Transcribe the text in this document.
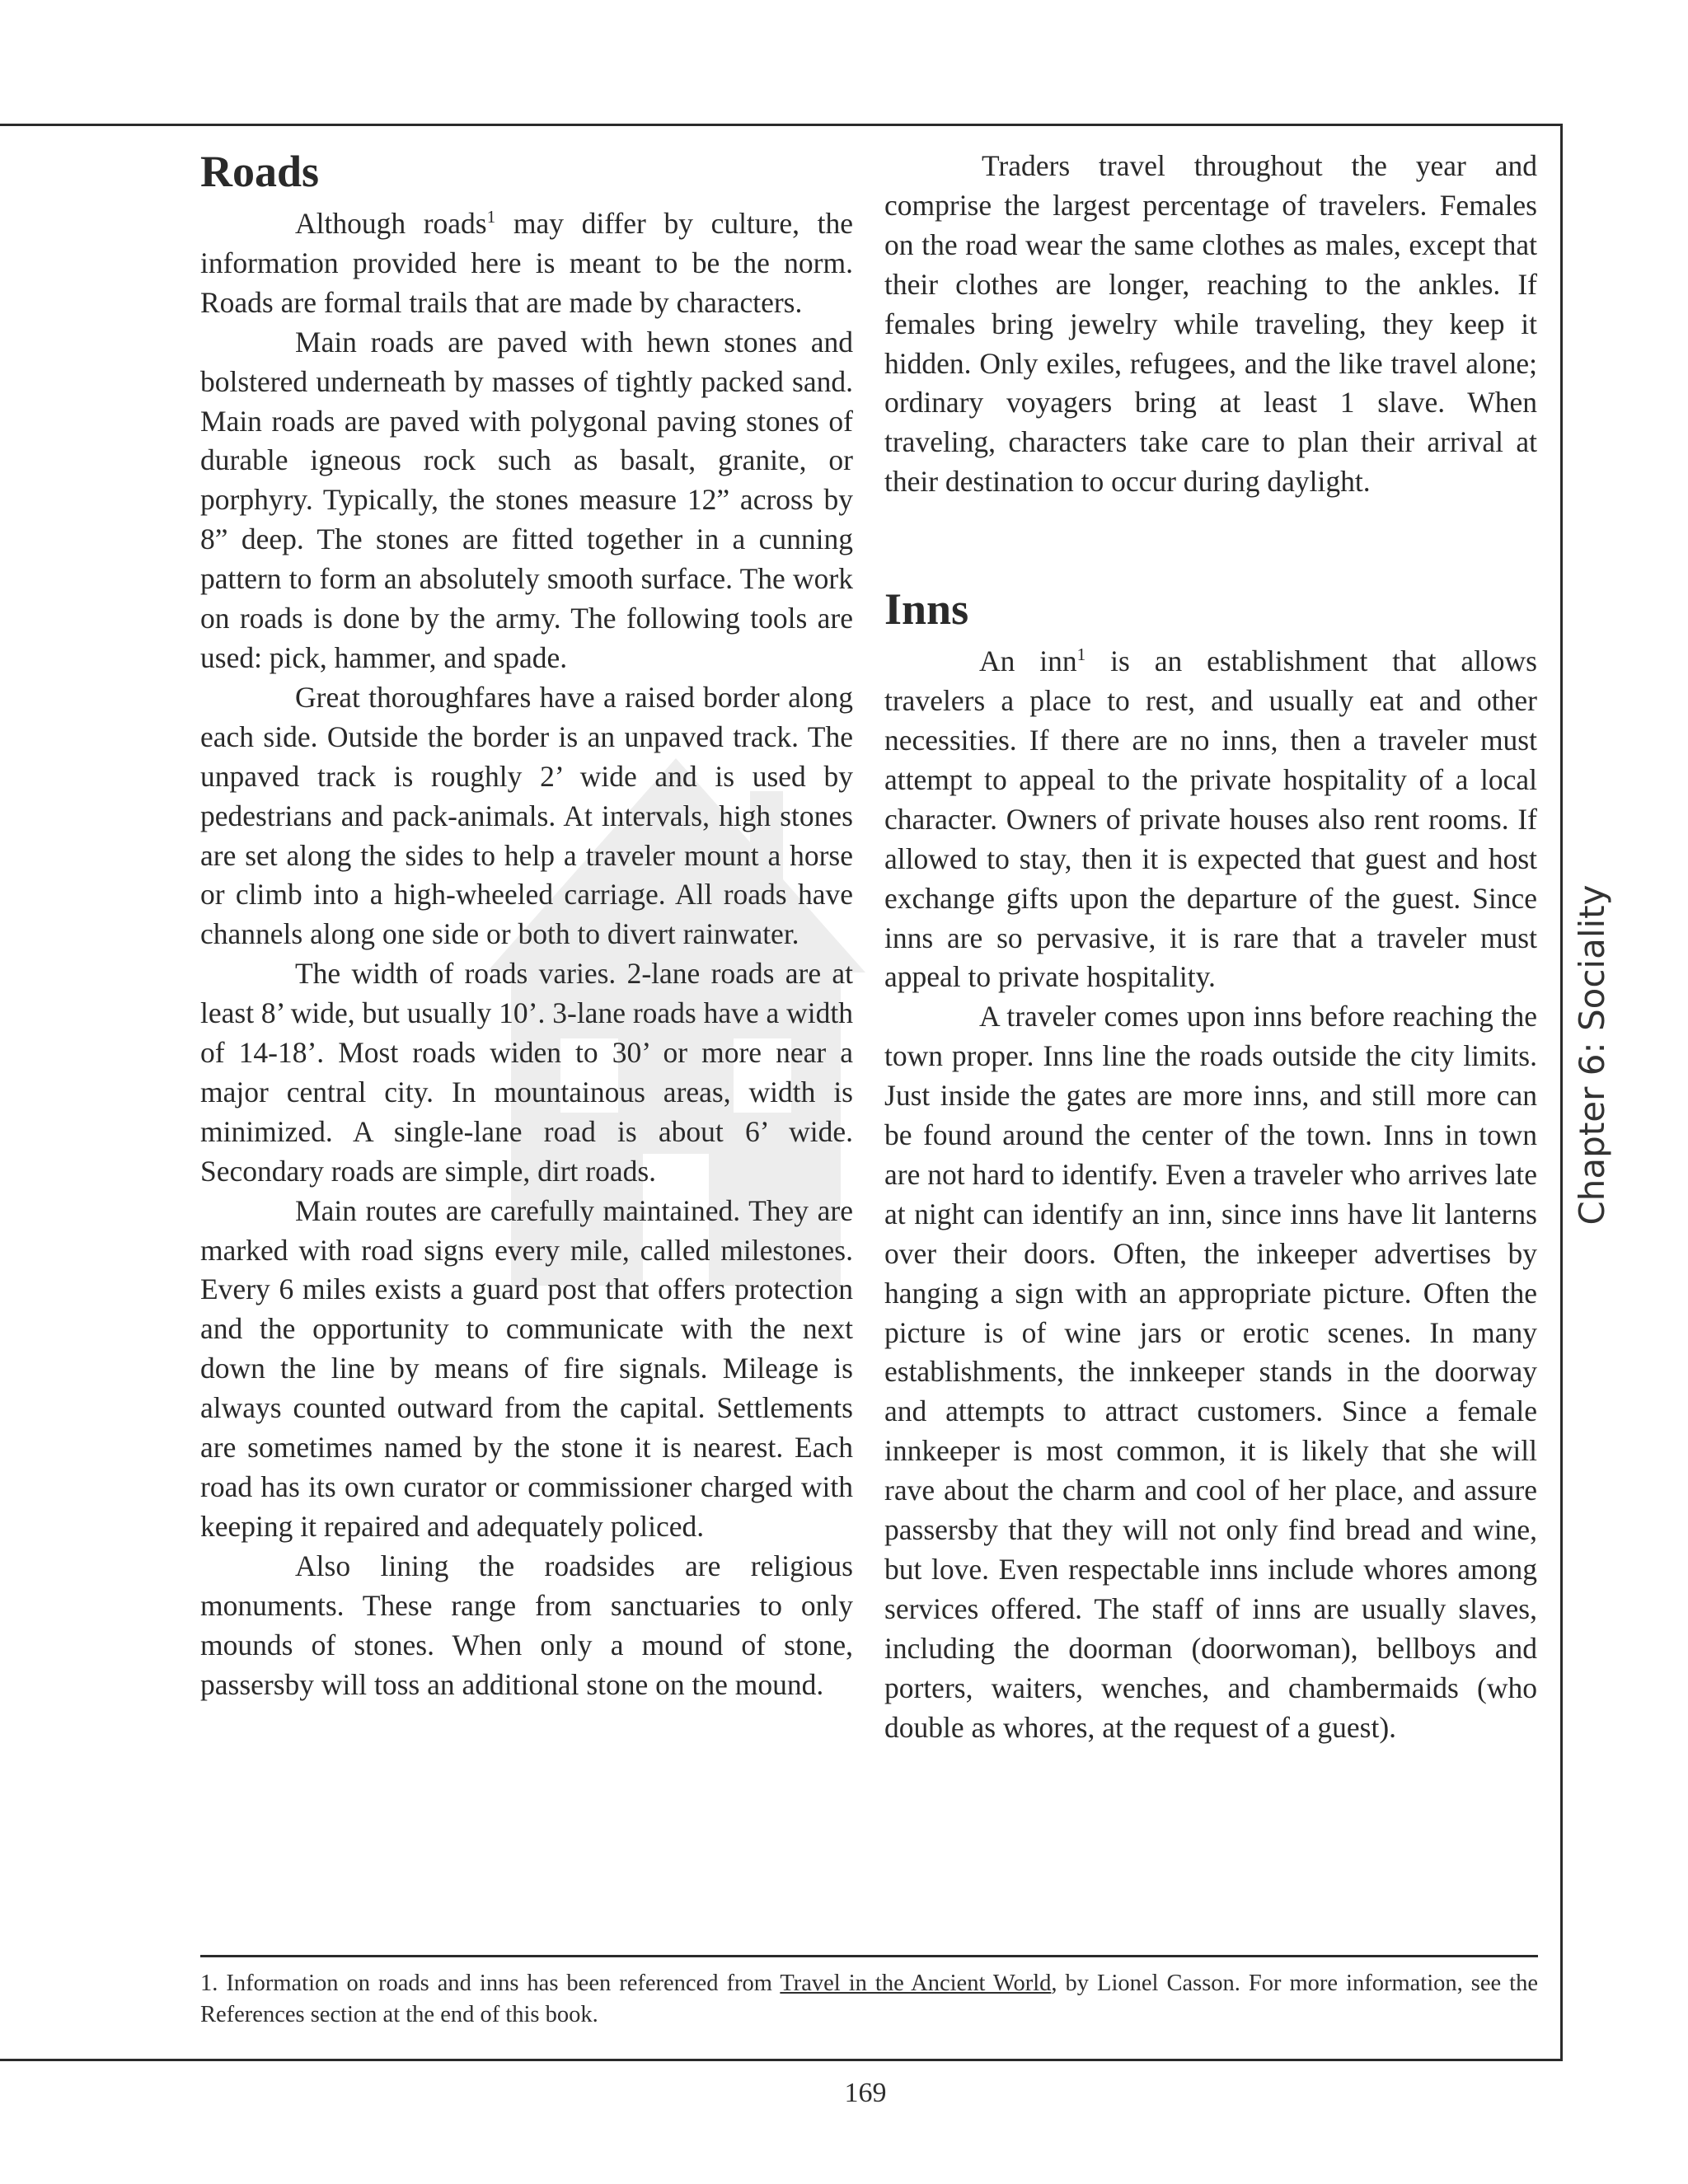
Roads

Although roads$^1$ may differ by culture, the information provided here is meant to be the norm. Roads are formal trails that are made by characters.

Main roads are paved with hewn stones and bolstered underneath by masses of tightly packed sand. Main roads are paved with polygonal paving stones of durable igneous rock such as basalt, granite, or porphyry. Typically, the stones measure 12” across by 8” deep. The stones are fitted together in a cunning pattern to form an absolutely smooth surface. The work on roads is done by the army. The following tools are used: pick, hammer, and spade.

Great thoroughfares have a raised border along each side. Outside the border is an unpaved track. The unpaved track is roughly 2’ wide and is used by pedestrians and pack-animals. At intervals, high stones are set along the sides to help a traveler mount a horse or climb into a high-wheeled carriage. All roads have channels along one side or both to divert rainwater.

The width of roads varies. 2-lane roads are at least 8’ wide, but usually 10’. 3-lane roads have a width of 14-18’. Most roads widen to 30’ or more near a major central city. In mountainous areas, width is minimized. A single-lane road is about 6’ wide. Secondary roads are simple, dirt roads.

Main routes are carefully maintained. They are marked with road signs every mile, called milestones. Every 6 miles exists a guard post that offers protection and the opportunity to communicate with the next down the line by means of fire signals. Mileage is always counted outward from the capital. Settlements are sometimes named by the stone it is nearest. Each road has its own curator or commissioner charged with keeping it repaired and adequately policed.

Also lining the roadsides are religious monuments. These range from sanctuaries to only mounds of stones. When only a mound of stone, passersby will toss an additional stone on the mound.

Traders travel throughout the year and comprise the largest percentage of travelers. Females on the road wear the same clothes as males, except that their clothes are longer, reaching to the ankles. If females bring jewelry while traveling, they keep it hidden. Only exiles, refugees, and the like travel alone; ordinary voyagers bring at least 1 slave. When traveling, characters take care to plan their arrival at their destination to occur during daylight.

Inns

An inn$^1$ is an establishment that allows travelers a place to rest, and usually eat and other necessities. If there are no inns, then a traveler must attempt to appeal to the private hospitality of a local character. Owners of private houses also rent rooms. If allowed to stay, then it is expected that guest and host exchange gifts upon the departure of the guest. Since inns are so pervasive, it is rare that a traveler must appeal to private hospitality.

A traveler comes upon inns before reaching the town proper. Inns line the roads outside the city limits. Just inside the gates are more inns, and still more can be found around the center of the town. Inns in town are not hard to identify. Even a traveler who arrives late at night can identify an inn, since inns have lit lanterns over their doors. Often, the inkeeper advertises by hanging a sign with an appropriate picture. Often the picture is of wine jars or erotic scenes. In many establishments, the innkeeper stands in the doorway and attempts to attract customers. Since a female innkeeper is most common, it is likely that she will rave about the charm and cool of her place, and assure passersby that they will not only find bread and wine, but love. Even respectable inns include whores among services offered. The staff of inns are usually slaves, including the doorman (doorwoman), bellboys and porters, waiters, wenches, and chambermaids (who double as whores, at the request of a guest).

Chapter 6: Sociality
1. Information on roads and inns has been referenced from Travel in the Ancient World, by Lionel Casson. For more information, see the References section at the end of this book.
169
